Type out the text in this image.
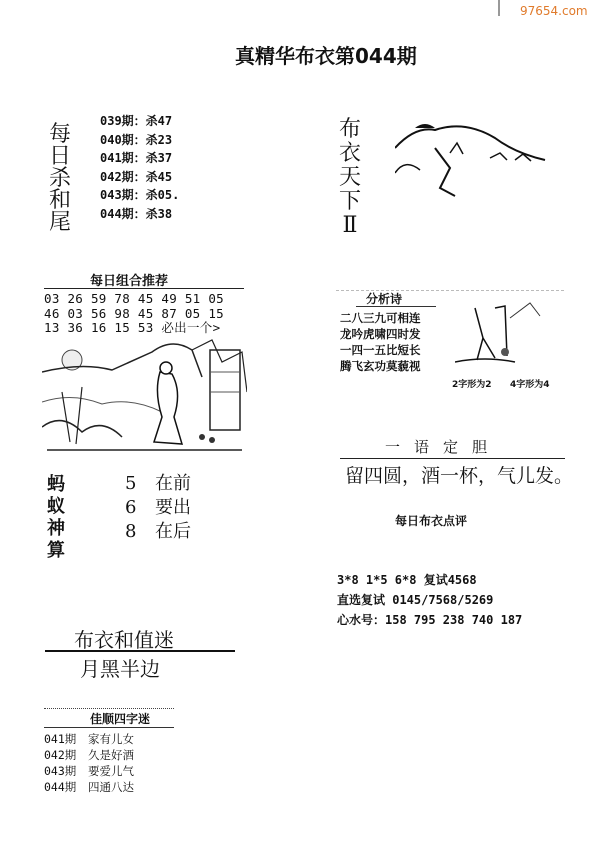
97654.com
真精华布衣第044期
每日杀和尾
039期：杀47
040期：杀23
041期：杀37
042期：杀45
043期：杀05.
044期：杀38
每日组合推荐
03 26 59 78 45 49 51 05
46 03 56 98 45 87 05 15
13 36 16 15 53 必出一个>
蚂蚁神算
5 在前
6 要出
8 在后
布衣和值迷
月黑半边
佳顺四字迷
041期 家有儿女
042期 久是好酒
043期 要爱儿气
044期 四通八达
布衣天下Ⅱ
分析诗
二八三九可相连
龙吟虎啸四时发
一四一五比短长
腾飞玄功莫藐视
2字形为2 4字形为4
一语定胆
留四圆，酒一杯，气儿发。
每日布衣点评
3*8 1*5 6*8 复试4568
直选复试 0145/7568/5269
心水号：158 795 238 740 187
